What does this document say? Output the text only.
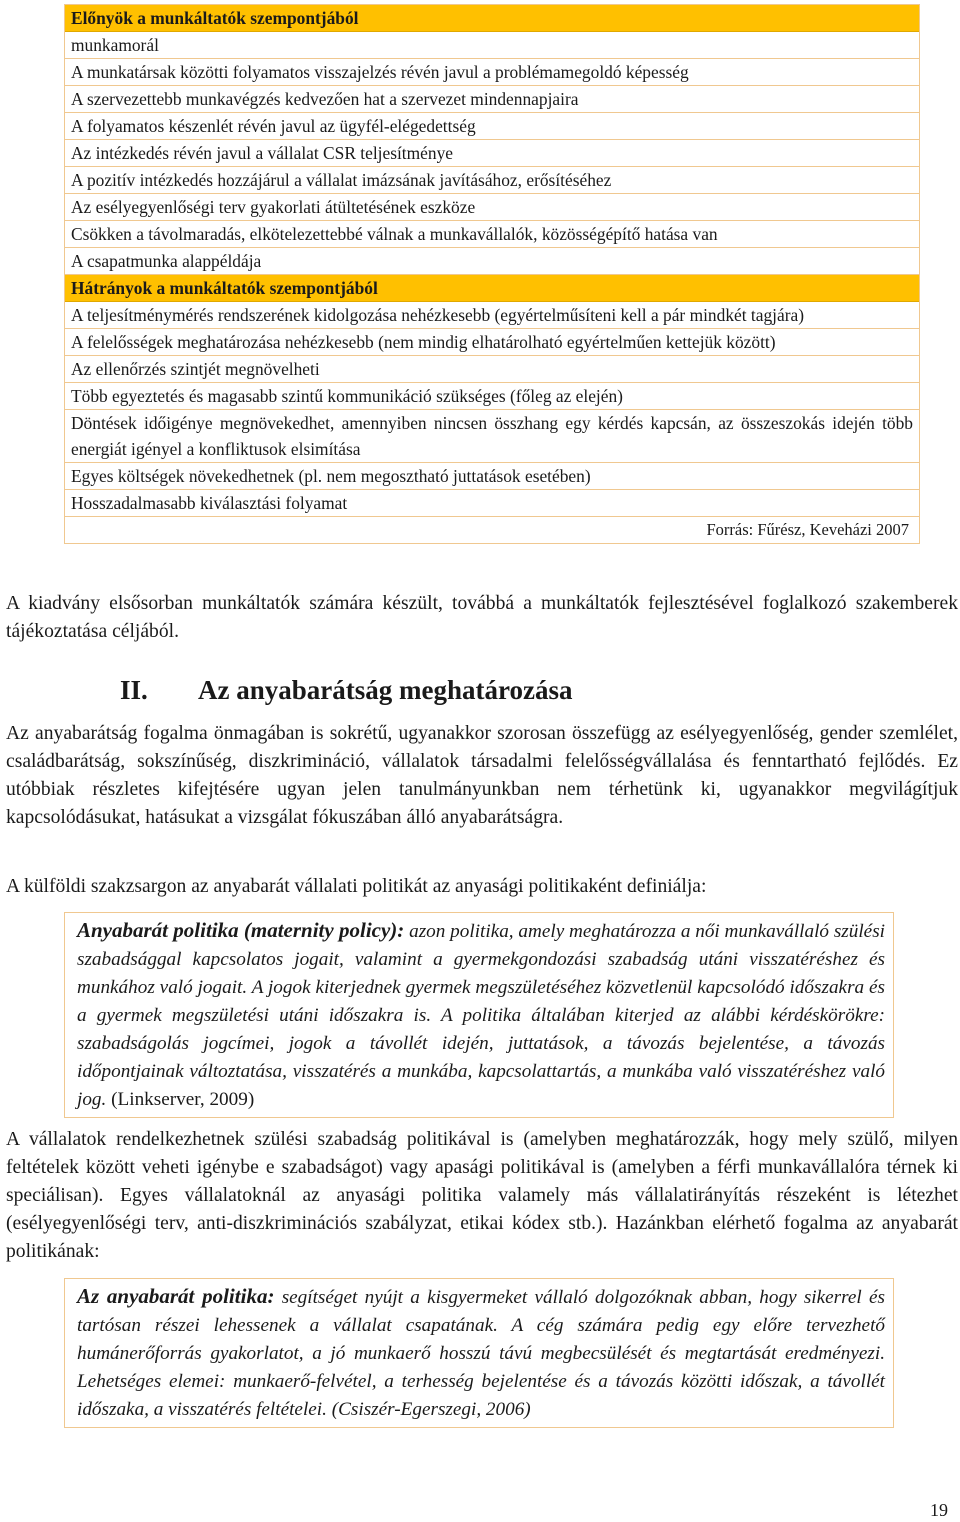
Előnyök a munkáltatók szempontjából
munkamorál
A munkatársak közötti folyamatos visszajelzés révén javul a problémamegoldó képesség
A szervezettebb munkavégzés kedvezően hat a szervezet mindennapjaira
A folyamatos készenlét révén javul az ügyfél-elégedettség
Az intézkedés révén javul a vállalat CSR teljesítménye
A pozitív intézkedés hozzájárul a vállalat imázsának javításához, erősítéséhez
Az esélyegyenlőségi terv gyakorlati átültetésének eszköze
Csökken a távolmaradás, elkötelezettebbé válnak a munkavállalók, közösségépítő hatása van
A csapatmunka alappéldája
Hátrányok a munkáltatók szempontjából
A teljesítménymérés rendszerének kidolgozása nehézkesebb (egyértelműsíteni kell a pár mindkét tagjára)
A felelősségek meghatározása nehézkesebb (nem mindig elhatárolható egyértelműen kettejük között)
Az ellenőrzés szintjét megnövelheti
Több egyeztetés és magasabb szintű kommunikáció szükséges (főleg az elején)
Döntések időigénye megnövekedhet, amennyiben nincsen összhang egy kérdés kapcsán, az összeszokás idején több energiát igényel a konfliktusok elsimítása
Egyes költségek növekedhetnek (pl. nem megosztható juttatások esetében)
Hosszadalmasabb kiválasztási folyamat
Forrás: Fűrész, Keveházi 2007
A kiadvány elsősorban munkáltatók számára készült, továbbá a munkáltatók fejlesztésével foglalkozó szakemberek tájékoztatása céljából.
II. Az anyabarátság meghatározása
Az anyabarátság fogalma önmagában is sokrétű, ugyanakkor szorosan összefügg az esélyegyenlőség, gender szemlélet, családbarátság, sokszínűség, diszkrimináció, vállalatok társadalmi felelősségvállalása és fenntartható fejlődés. Ez utóbbiak részletes kifejtésére ugyan jelen tanulmányunkban nem térhetünk ki, ugyanakkor megvilágítjuk kapcsolódásukat, hatásukat a vizsgálat fókuszában álló anyabarátságra.
A külföldi szakzsargon az anyabarát vállalati politikát az anyasági politikaként definiálja:
Anyabarát politika (maternity policy): azon politika, amely meghatározza a női munkavállaló szülési szabadsággal kapcsolatos jogait, valamint a gyermekgondozási szabadság utáni visszatéréshez és munkához való jogait. A jogok kiterjednek gyermek megszületéséhez közvetlenül kapcsolódó időszakra és a gyermek megszületési utáni időszakra is. A politika általában kiterjed az alábbi kérdéskörökre: szabadságolás jogcímei, jogok a távollét idején, juttatások, a távozás bejelentése, a távozás időpontjainak változtatása, visszatérés a munkába, kapcsolattartás, a munkába való visszatéréshez való jog. (Linkserver, 2009)
A vállalatok rendelkezhetnek szülési szabadság politikával is (amelyben meghatározzák, hogy mely szülő, milyen feltételek között veheti igénybe e szabadságot) vagy apasági politikával is (amelyben a férfi munkavállalóra térnek ki speciálisan). Egyes vállalatoknál az anyasági politika valamely más vállalatirányítás részeként is létezhet (esélyegyenlőségi terv, anti-diszkriminációs szabályzat, etikai kódex stb.). Hazánkban elérhető fogalma az anyabarát politikának:
Az anyabarát politika: segítséget nyújt a kisgyermeket vállaló dolgozóknak abban, hogy sikerrel és tartósan részei lehessenek a vállalat csapatának. A cég számára pedig egy előre tervezhető humánerőforrás gyakorlatot, a jó munkaerő hosszú távú megbecsülését és megtartását eredményezi. Lehetséges elemei: munkaerő-felvétel, a terhesség bejelentése és a távozás közötti időszak, a távollét időszaka, a visszatérés feltételei. (Csiszér-Egerszegi, 2006)
19
